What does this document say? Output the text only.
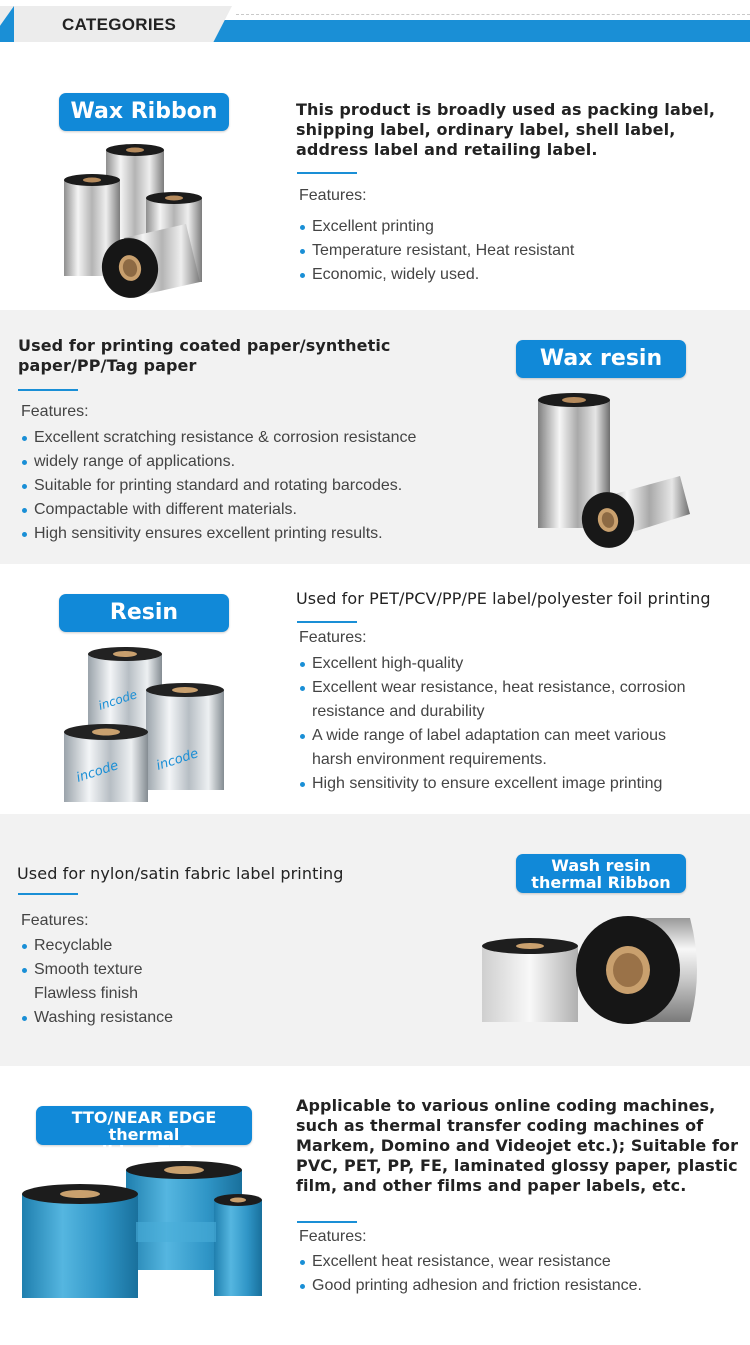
CATEGORIES
Wax Ribbon	This product is broadly used as packing label, shipping label, ordinary label, shell label, address label and retailing label.
Features:
Excellent printing
Temperature resistant, Heat resistant
Economic, widely used.
Used for printing coated paper/synthetic paper/PP/Tag paper
Features:
Excellent scratching resistance & corrosion resistance
widely range of applications.
Suitable for printing standard and rotating barcodes.
Compactable with different materials.
High sensitivity ensures excellent printing results.
Wax resin
Resin
incode	incode
incode
Used for PET/PCV/PP/PE label/polyester foil printing
Features:
Excellent high-quality
Excellent wear resistance, heat resistance, corrosion
resistance and durability
A wide range of label adaptation can meet various
harsh environment requirements.
High sensitivity to ensure excellent image printing
Used for nylon/satin fabric label printing
Features:
Recyclable
Smooth texture
Flawless finish
Washing resistance
Wash resin
thermal Ribbon
TTO/NEAR EDGE thermal
ribbon TTO
Applicable to various online coding machines, such as thermal transfer coding machines of Markem, Domino and Videojet etc.); Suitable for PVC, PET, PP, FE, laminated glossy paper, plastic film, and other films and paper labels, etc.
Features:
Excellent heat resistance, wear resistance
Good printing adhesion and friction resistance.
